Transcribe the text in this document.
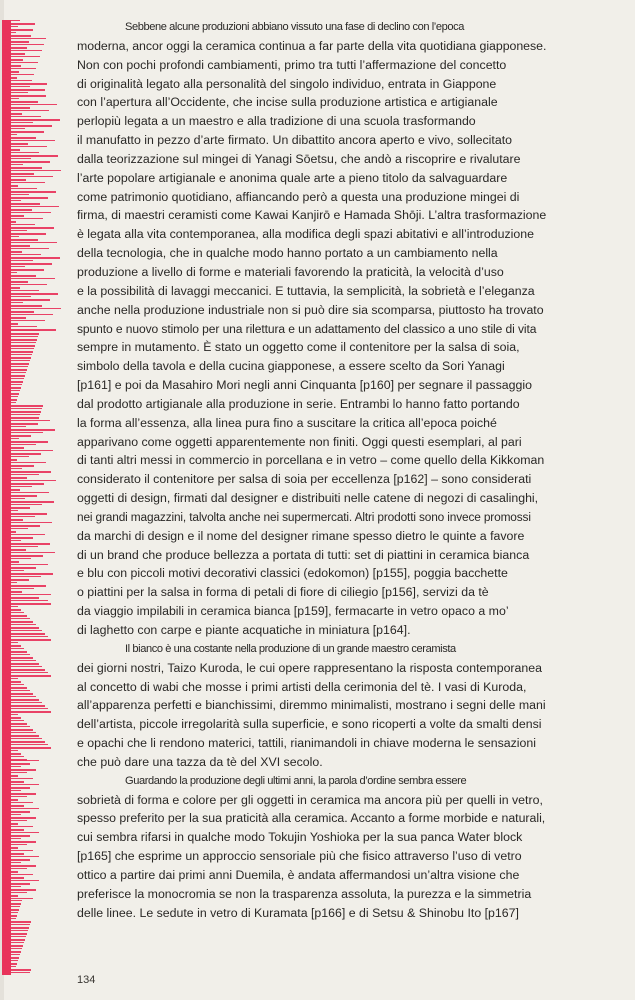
Sebbene alcune produzioni abbiano vissuto una fase di declino con l’epoca
moderna, ancor oggi la ceramica continua a far parte della vita quotidiana giapponese.
Non con pochi profondi cambiamenti, primo tra tutti l’affermazione del concetto
di originalità legato alla personalità del singolo individuo, entrata in Giappone
con l’apertura all’Occidente, che incise sulla produzione artistica e artigianale
perlopiù legata a un maestro e alla tradizione di una scuola trasformando
il manufatto in pezzo d’arte firmato. Un dibattito ancora aperto e vivo, sollecitato
dalla teorizzazione sul mingei di Yanagi Sōetsu, che andò a riscoprire e rivalutare
l’arte popolare artigianale e anonima quale arte a pieno titolo da salvaguardare
come patrimonio quotidiano, affiancando però a questa una produzione mingei di
firma, di maestri ceramisti come Kawai Kanjirō e Hamada Shōji. L’altra trasformazione
è legata alla vita contemporanea, alla modifica degli spazi abitativi e all’introduzione
della tecnologia, che in qualche modo hanno portato a un cambiamento nella
produzione a livello di forme e materiali favorendo la praticità, la velocità d’uso
e la possibilità di lavaggi meccanici. E tuttavia, la semplicità, la sobrietà e l’eleganza
anche nella produzione industriale non si può dire sia scomparsa, piuttosto ha trovato
spunto e nuovo stimolo per una rilettura e un adattamento del classico a uno stile di vita
sempre in mutamento. È stato un oggetto come il contenitore per la salsa di soia,
simbolo della tavola e della cucina giapponese, a essere scelto da Sori Yanagi
[p161] e poi da Masahiro Mori negli anni Cinquanta [p160] per segnare il passaggio
dal prodotto artigianale alla produzione in serie. Entrambi lo hanno fatto portando
la forma all’essenza, alla linea pura fino a suscitare la critica all’epoca poiché
apparivano come oggetti apparentemente non finiti. Oggi questi esemplari, al pari
di tanti altri messi in commercio in porcellana e in vetro – come quello della Kikkoman
considerato il contenitore per salsa di soia per eccellenza [p162] – sono considerati
oggetti di design, firmati dal designer e distribuiti nelle catene di negozi di casalinghi,
nei grandi magazzini, talvolta anche nei supermercati. Altri prodotti sono invece promossi
da marchi di design e il nome del designer rimane spesso dietro le quinte a favore
di un brand che produce bellezza a portata di tutti: set di piattini in ceramica bianca
e blu con piccoli motivi decorativi classici (edokomon) [p155], poggia bacchette
o piattini per la salsa in forma di petali di fiore di ciliegio [p156], servizi da tè
da viaggio impilabili in ceramica bianca [p159], fermacarte in vetro opaco a mo’
di laghetto con carpe e piante acquatiche in miniatura [p164].

Il bianco è una costante nella produzione di un grande maestro ceramista
dei giorni nostri, Taizo Kuroda, le cui opere rappresentano la risposta contemporanea
al concetto di wabi che mosse i primi artisti della cerimonia del tè. I vasi di Kuroda,
all’apparenza perfetti e bianchissimi, diremmo minimalisti, mostrano i segni delle mani
dell’artista, piccole irregolarità sulla superficie, e sono ricoperti a volte da smalti densi
e opachi che li rendono materici, tattili, rianimandoli in chiave moderna le sensazioni
che può dare una tazza da tè del XVI secolo.

Guardando la produzione degli ultimi anni, la parola d’ordine sembra essere
sobrietà di forma e colore per gli oggetti in ceramica ma ancora più per quelli in vetro,
spesso preferito per la sua praticità alla ceramica. Accanto a forme morbide e naturali,
cui sembra rifarsi in qualche modo Tokujin Yoshioka per la sua panca Water block
[p165] che esprime un approccio sensoriale più che fisico attraverso l’uso di vetro
ottico a partire dai primi anni Duemila, è andata affermandosi un’altra visione che
preferisce la monocromia se non la trasparenza assoluta, la purezza e la simmetria
delle linee. Le sedute in vetro di Kuramata [p166] e di Setsu & Shinobu Ito [p167]

134
